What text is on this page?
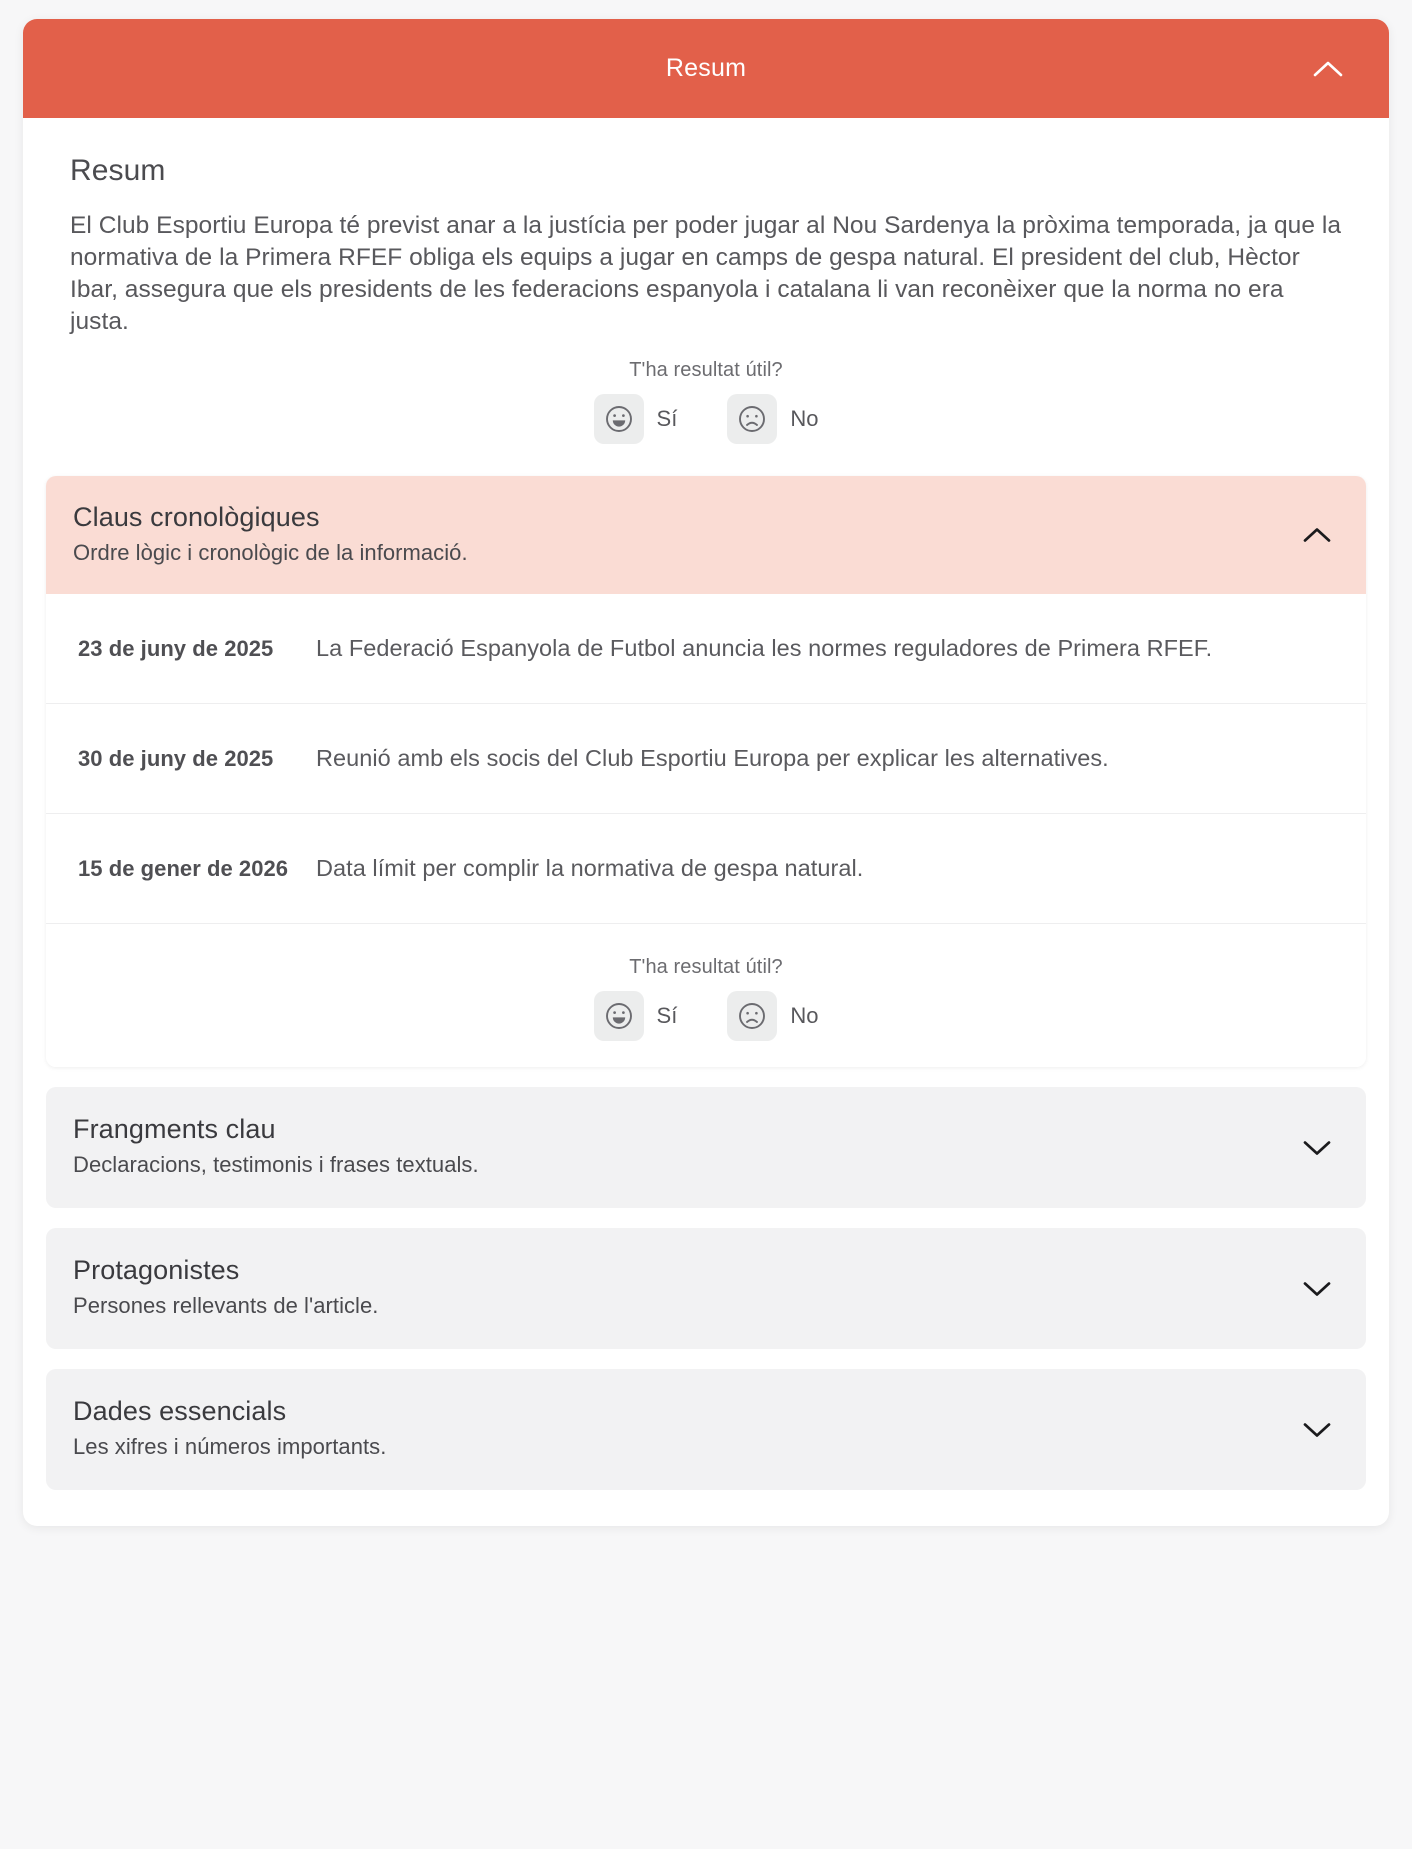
Resum
Resum
El Club Esportiu Europa té previst anar a la justícia per poder jugar al Nou Sardenya la pròxima temporada, ja que la normativa de la Primera RFEF obliga els equips a jugar en camps de gespa natural. El president del club, Hèctor Ibar, assegura que els presidents de les federacions espanyola i catalana li van reconèixer que la norma no era justa.
T'ha resultat útil?
Sí	No
Claus cronològiques
Ordre lògic i cronològic de la informació.
23 de juny de 2025	La Federació Espanyola de Futbol anuncia les normes reguladores de Primera RFEF.
30 de juny de 2025	Reunió amb els socis del Club Esportiu Europa per explicar les alternatives.
15 de gener de 2026	Data límit per complir la normativa de gespa natural.
T'ha resultat útil?
Sí	No
Frangments clau
Declaracions, testimonis i frases textuals.
Protagonistes
Persones rellevants de l'article.
Dades essencials
Les xifres i números importants.
